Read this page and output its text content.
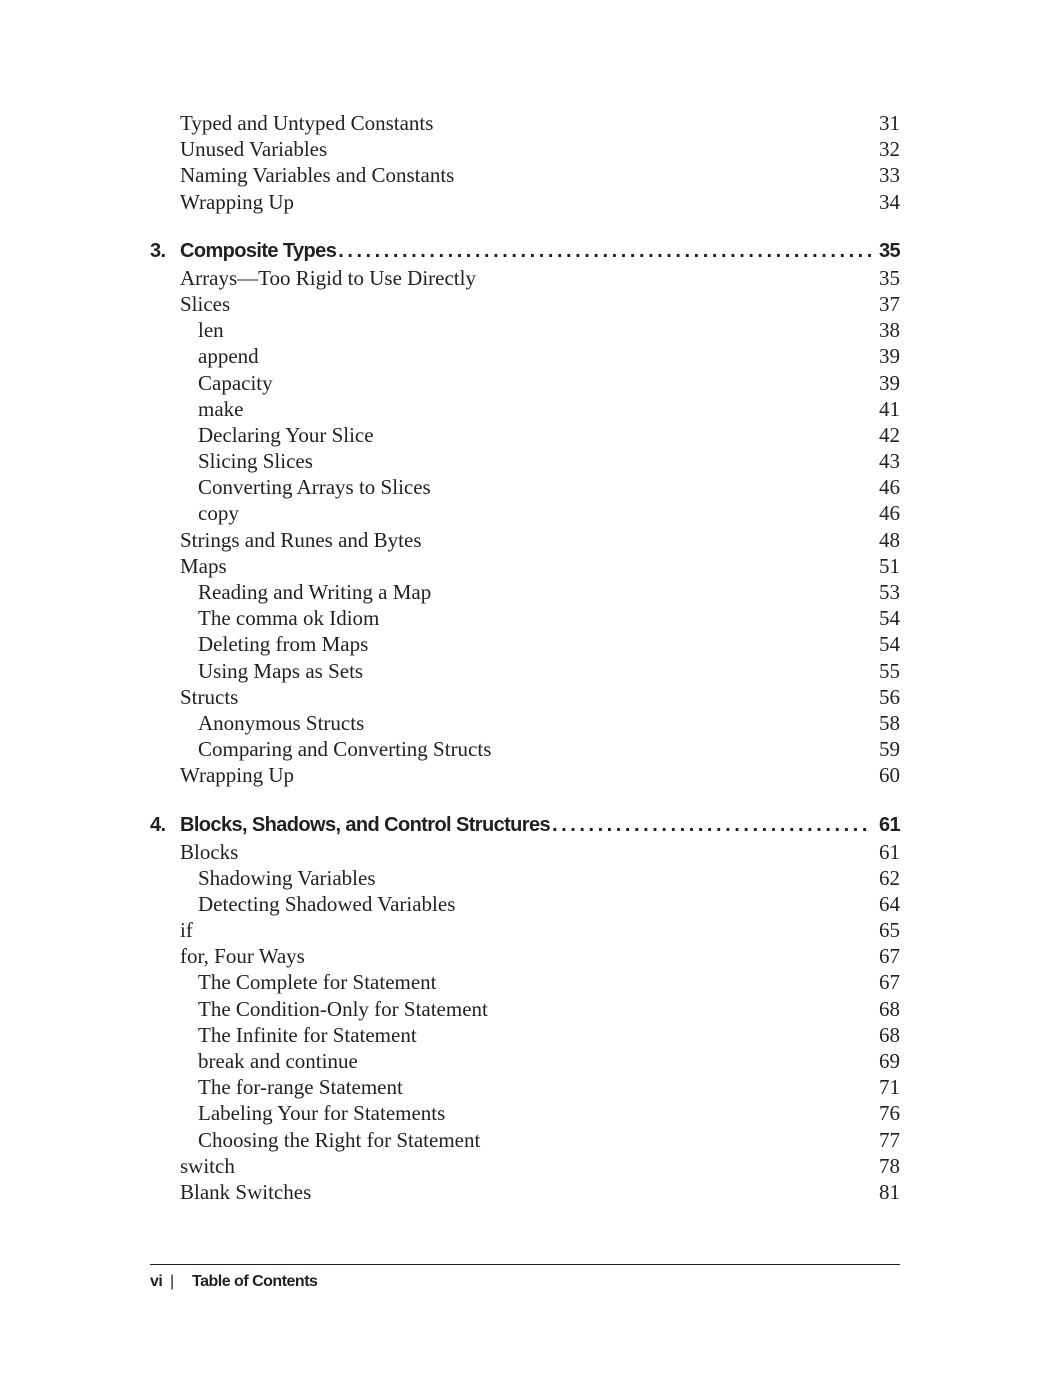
Typed and Untyped Constants	31
Unused Variables	32
Naming Variables and Constants	33
Wrapping Up	34
3. Composite Types . . .	35
Arrays—Too Rigid to Use Directly	35
Slices	37
len	38
append	39
Capacity	39
make	41
Declaring Your Slice	42
Slicing Slices	43
Converting Arrays to Slices	46
copy	46
Strings and Runes and Bytes	48
Maps	51
Reading and Writing a Map	53
The comma ok Idiom	54
Deleting from Maps	54
Using Maps as Sets	55
Structs	56
Anonymous Structs	58
Comparing and Converting Structs	59
Wrapping Up	60
4. Blocks, Shadows, and Control Structures . . .	61
Blocks	61
Shadowing Variables	62
Detecting Shadowed Variables	64
if	65
for, Four Ways	67
The Complete for Statement	67
The Condition-Only for Statement	68
The Infinite for Statement	68
break and continue	69
The for-range Statement	71
Labeling Your for Statements	76
Choosing the Right for Statement	77
switch	78
Blank Switches	81
vi |	Table of Contents
